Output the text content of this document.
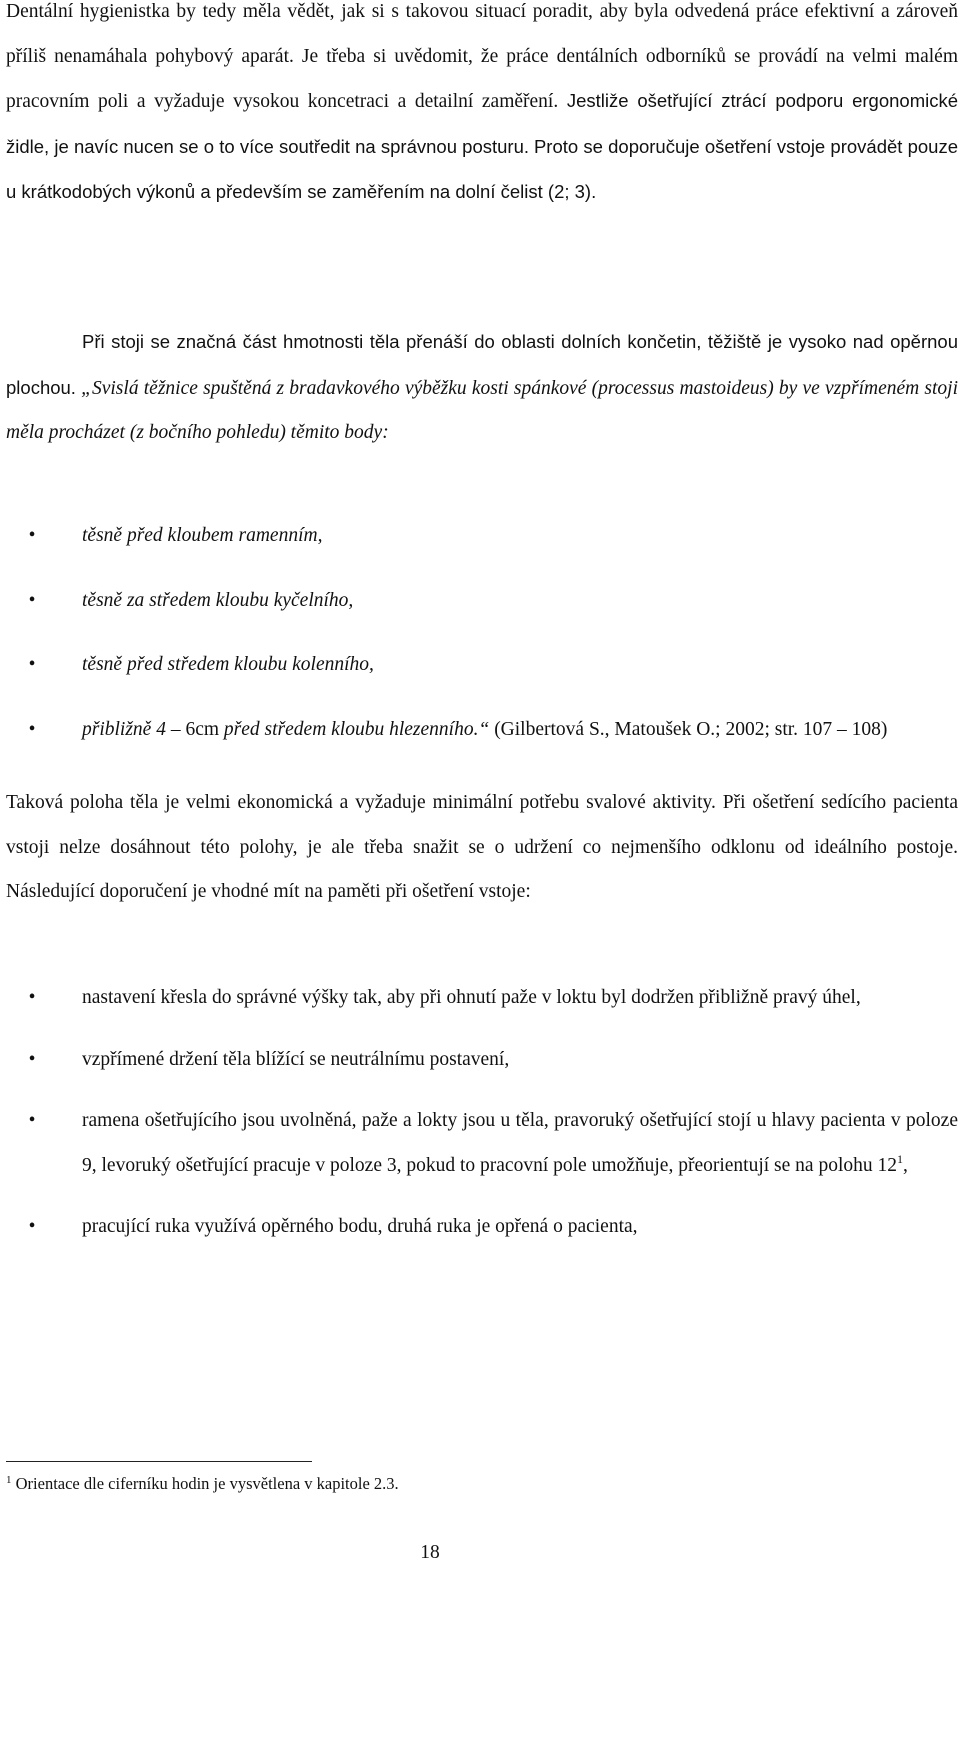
Dentální hygienistka by tedy měla vědět, jak si s takovou situací poradit, aby byla odvedená práce efektivní a zároveň příliš nenamáhala pohybový aparát. Je třeba si uvědomit, že práce dentálních odborníků se provádí na velmi malém pracovním poli a vyžaduje vysokou koncetraci a detailní zaměření. Jestliže ošetřující ztrácí podporu ergonomické židle, je navíc nucen se o to více soutředit na správnou posturu. Proto se doporučuje ošetření vstoje provádět pouze u krátkodobých výkonů a především se zaměřením na dolní čelist (2; 3).

Při stoji se značná část hmotnosti těla přenáší do oblasti dolních končetin, těžiště je vysoko nad opěrnou plochou. „Svislá těžnice spuštěná z bradavkového výběžku kosti spánkové (processus mastoideus) by ve vzpřímeném stoji měla procházet (z bočního pohledu) těmito body:

•	těsně před kloubem ramenním,
•	těsně za středem kloubu kyčelního,
•	těsně před středem kloubu kolenního,
•	přibližně 4 – 6cm před středem kloubu hlezenního.“ (Gilbertová S., Matoušek O.; 2002; str. 107 – 108)

Taková poloha těla je velmi ekonomická a vyžaduje minimální potřebu svalové aktivity. Při ošetření sedícího pacienta vstoji nelze dosáhnout této polohy, je ale třeba snažit se o udržení co nejmenšího odklonu od ideálního postoje. Následující doporučení je vhodné mít na paměti při ošetření vstoje:

•	nastavení křesla do správné výšky tak, aby při ohnutí paže v loktu byl dodržen přibližně pravý úhel,
•	vzpřímené držení těla blížící se neutrálnímu postavení,
•	ramena ošetřujícího jsou uvolněná, paže a lokty jsou u těla, pravoruký ošetřující stojí u hlavy pacienta v poloze 9, levoruký ošetřující pracuje v poloze 3, pokud to pracovní pole umožňuje, přeorientují se na polohu $12^1$,
•	pracující ruka využívá opěrného bodu, druhá ruka je opřená o pacienta,
$^1$ Orientace dle ciferníku hodin je vysvětlena v kapitole 2.3.
18
